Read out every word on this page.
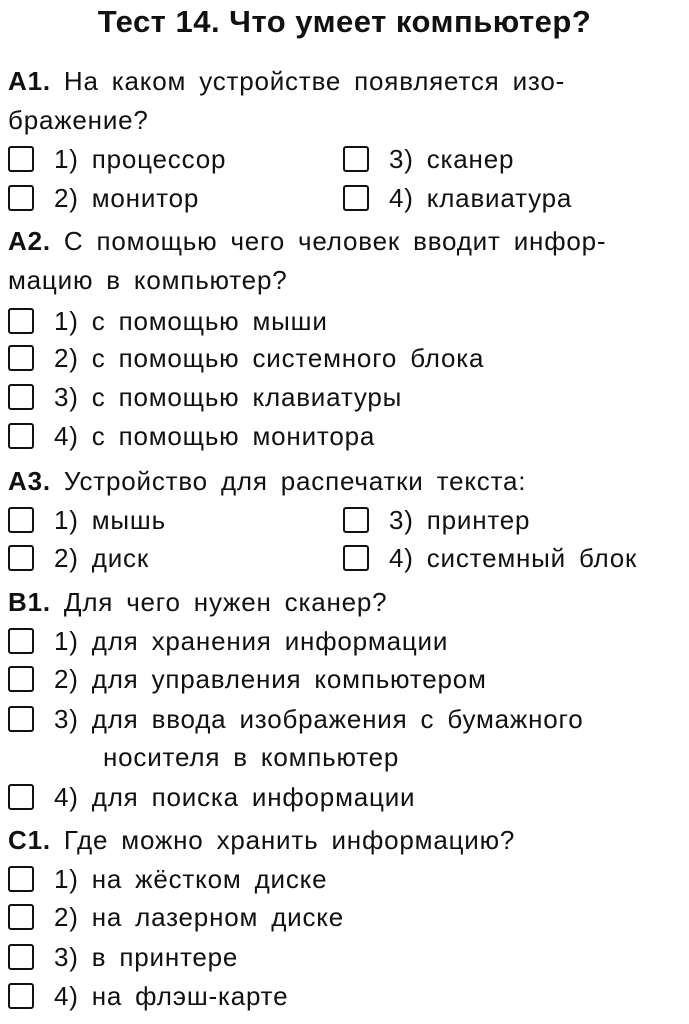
Тест 14. Что умеет компьютер?
А1. На каком устройстве появляется изо-
бражение?
1) процессор
2) монитор
3) сканер
4) клавиатура
А2. С помощью чего человек вводит инфор-
мацию в компьютер?
1) с помощью мыши
2) с помощью системного блока
3) с помощью клавиатуры
4) с помощью монитора
А3. Устройство для распечатки текста:
1) мышь
2) диск
3) принтер
4) системный блок
В1. Для чего нужен сканер?
1) для хранения информации
2) для управления компьютером
3) для ввода изображения с бумажного
носителя в компьютер
4) для поиска информации
С1. Где можно хранить информацию?
1) на жёстком диске
2) на лазерном диске
3) в принтере
4) на флэш-карте
